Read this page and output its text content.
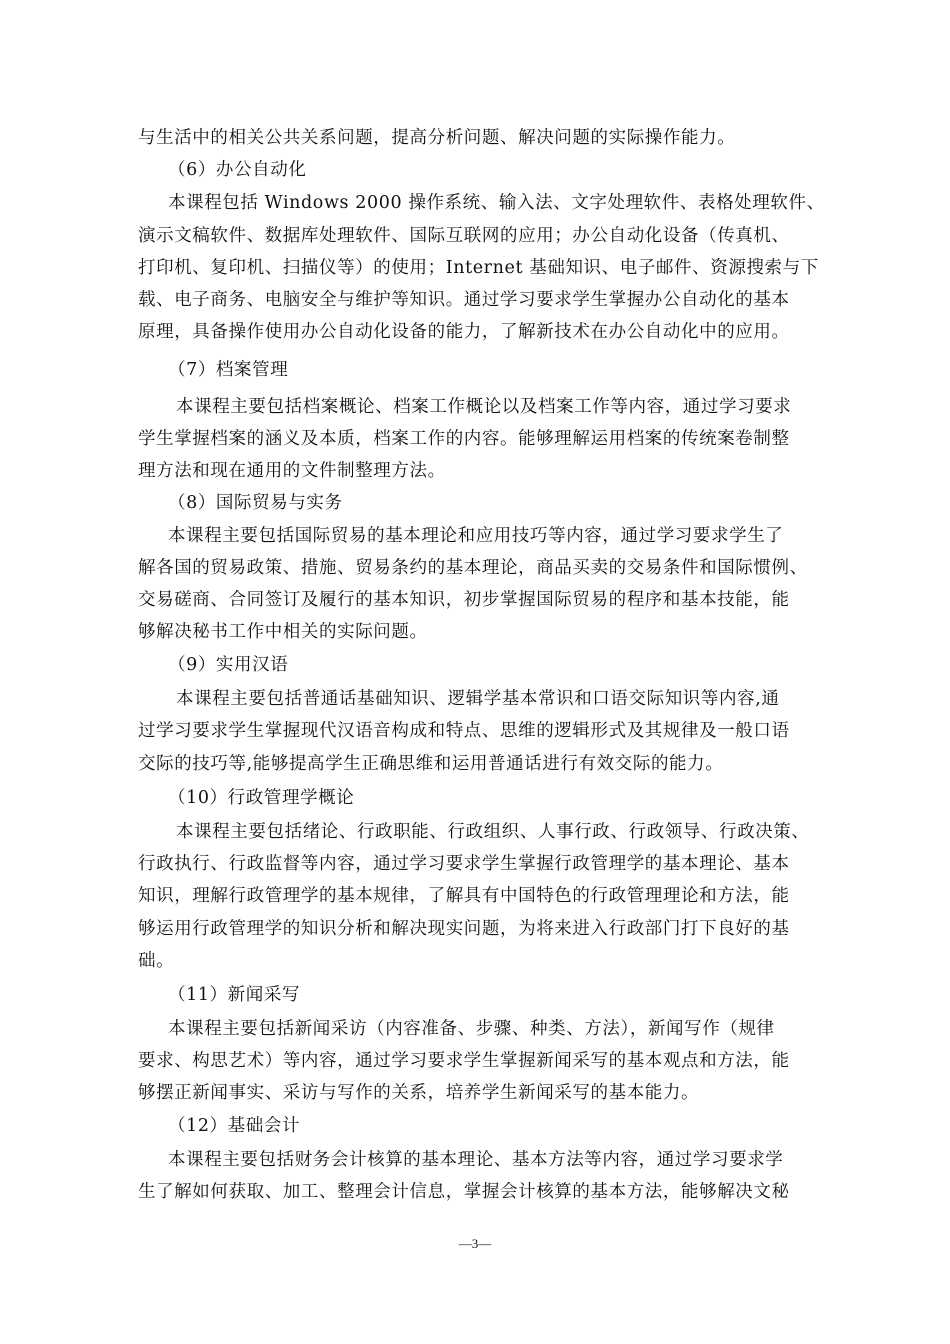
与生活中的相关公共关系问题，提高分析问题、解决问题的实际操作能力。
（6）办公自动化
本课程包括 Windows 2000 操作系统、输入法、文字处理软件、表格处理软件、
演示文稿软件、数据库处理软件、国际互联网的应用；办公自动化设备（传真机、
打印机、复印机、扫描仪等）的使用；Internet 基础知识、电子邮件、资源搜索与下
载、电子商务、电脑安全与维护等知识。通过学习要求学生掌握办公自动化的基本
原理，具备操作使用办公自动化设备的能力，了解新技术在办公自动化中的应用。
（7）档案管理
本课程主要包括档案概论、档案工作概论以及档案工作等内容，通过学习要求
学生掌握档案的涵义及本质，档案工作的内容。能够理解运用档案的传统案卷制整
理方法和现在通用的文件制整理方法。
（8）国际贸易与实务
本课程主要包括国际贸易的基本理论和应用技巧等内容，通过学习要求学生了
解各国的贸易政策、措施、贸易条约的基本理论，商品买卖的交易条件和国际惯例、
交易磋商、合同签订及履行的基本知识，初步掌握国际贸易的程序和基本技能，能
够解决秘书工作中相关的实际问题。
（9）实用汉语
本课程主要包括普通话基础知识、逻辑学基本常识和口语交际知识等内容,通
过学习要求学生掌握现代汉语音构成和特点、思维的逻辑形式及其规律及一般口语
交际的技巧等,能够提高学生正确思维和运用普通话进行有效交际的能力。
（10）行政管理学概论
本课程主要包括绪论、行政职能、行政组织、人事行政、行政领导、行政决策、
行政执行、行政监督等内容，通过学习要求学生掌握行政管理学的基本理论、基本
知识，理解行政管理学的基本规律，了解具有中国特色的行政管理理论和方法，能
够运用行政管理学的知识分析和解决现实问题，为将来进入行政部门打下良好的基
础。
（11）新闻采写
本课程主要包括新闻采访（内容准备、步骤、种类、方法），新闻写作（规律
要求、构思艺术）等内容，通过学习要求学生掌握新闻采写的基本观点和方法，能
够摆正新闻事实、采访与写作的关系，培养学生新闻采写的基本能力。
（12）基础会计
本课程主要包括财务会计核算的基本理论、基本方法等内容，通过学习要求学
生了解如何获取、加工、整理会计信息，掌握会计核算的基本方法，能够解决文秘
—3—
